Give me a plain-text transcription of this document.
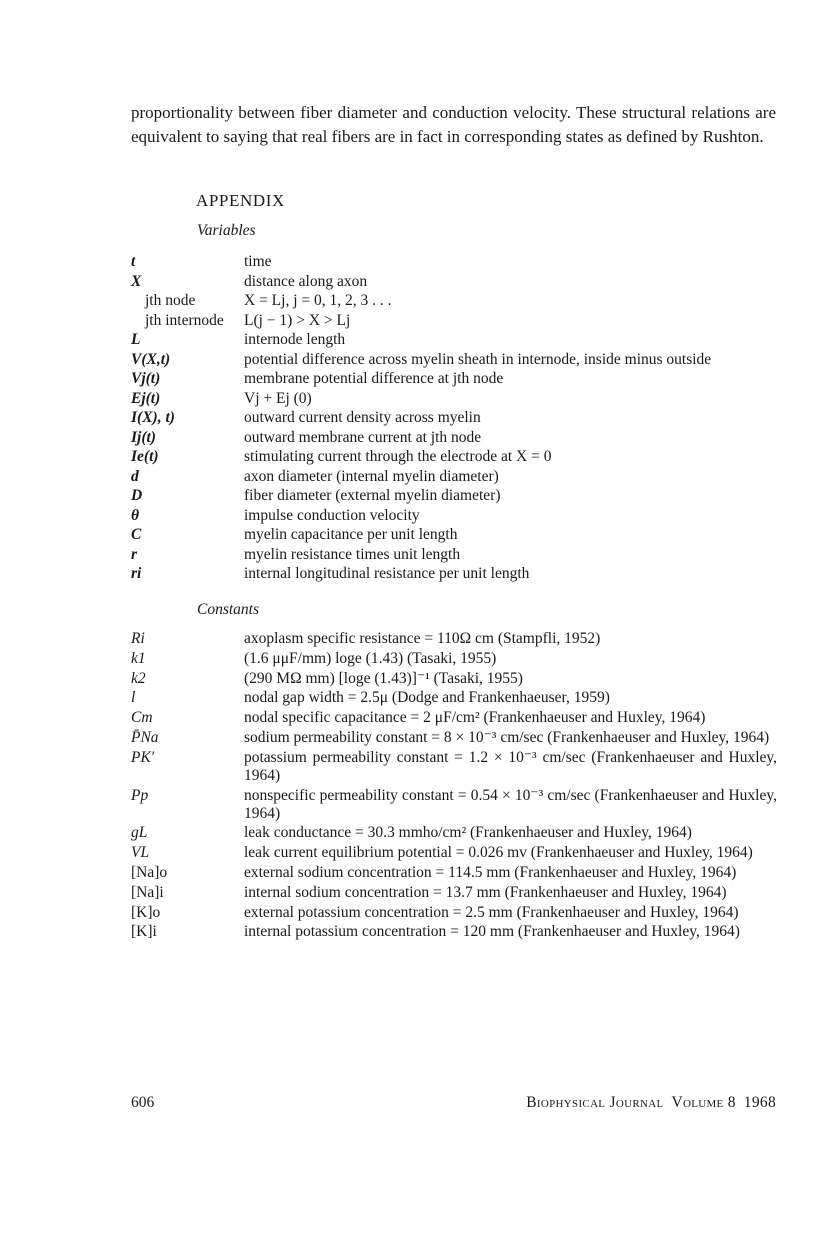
proportionality between fiber diameter and conduction velocity. These structural relations are equivalent to saying that real fibers are in fact in corresponding states as defined by Rushton.
APPENDIX
Variables
t	time
X	distance along axon
jth node	X = Lj, j = 0, 1, 2, 3 . . .
jth internode	L(j − 1) > X > Lj
L	internode length
V(X,t)	potential difference across myelin sheath in internode, inside minus outside
Vj(t)	membrane potential difference at jth node
Ej(t)	Vj + Ej (0)
I(X), t)	outward current density across myelin
Ij(t)	outward membrane current at jth node
Ie(t)	stimulating current through the electrode at X = 0
d	axon diameter (internal myelin diameter)
D	fiber diameter (external myelin diameter)
θ	impulse conduction velocity
C	myelin capacitance per unit length
r	myelin resistance times unit length
ri	internal longitudinal resistance per unit length
Constants
Ri	axoplasm specific resistance = 110Ω cm (Stampfli, 1952)
k1	(1.6 μμF/mm) loge (1.43) (Tasaki, 1955)
k2	(290 MΩ mm) [loge (1.43)]⁻¹ (Tasaki, 1955)
l	nodal gap width = 2.5μ (Dodge and Frankenhaeuser, 1959)
Cm	nodal specific capacitance = 2 μF/cm² (Frankenhaeuser and Huxley, 1964)
P̄Na	sodium permeability constant = 8 × 10⁻³ cm/sec (Frankenhaeuser and Huxley, 1964)
PK′	potassium permeability constant = 1.2 × 10⁻³ cm/sec (Frankenhaeuser and Huxley, 1964)
Pp	nonspecific permeability constant = 0.54 × 10⁻³ cm/sec (Frankenhaeuser and Huxley, 1964)
gL	leak conductance = 30.3 mmho/cm² (Frankenhaeuser and Huxley, 1964)
VL	leak current equilibrium potential = 0.026 mv (Frankenhaeuser and Huxley, 1964)
[Na]o	external sodium concentration = 114.5 mm (Frankenhaeuser and Huxley, 1964)
[Na]i	internal sodium concentration = 13.7 mm (Frankenhaeuser and Huxley, 1964)
[K]o	external potassium concentration = 2.5 mm (Frankenhaeuser and Huxley, 1964)
[K]i	internal potassium concentration = 120 mm (Frankenhaeuser and Huxley, 1964)
606	Biophysical Journal Volume 8 1968
